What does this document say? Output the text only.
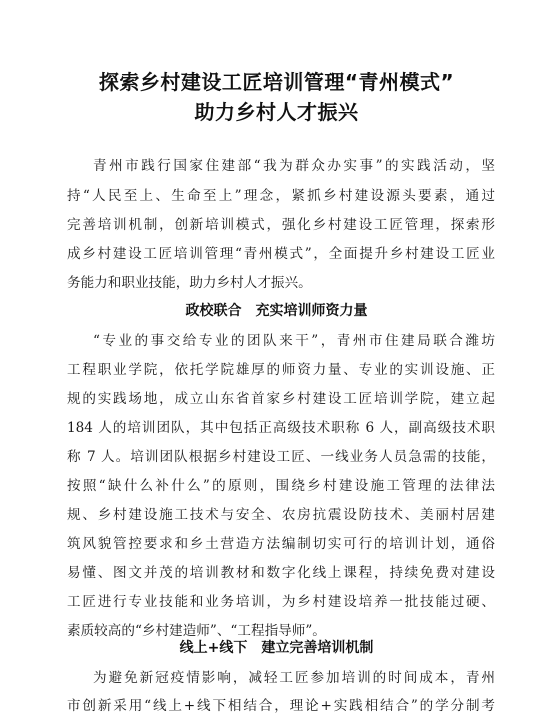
探索乡村建设工匠培训管理“青州模式”
助力乡村人才振兴
青州市践行国家住建部“我为群众办实事”的实践活动，坚
持“人民至上、生命至上”理念，紧抓乡村建设源头要素，通过
完善培训机制，创新培训模式，强化乡村建设工匠管理，探索形
成乡村建设工匠培训管理“青州模式”，全面提升乡村建设工匠业
务能力和职业技能，助力乡村人才振兴。
政校联合　充实培训师资力量
“专业的事交给专业的团队来干”，青州市住建局联合潍坊
工程职业学院，依托学院雄厚的师资力量、专业的实训设施、正
规的实践场地，成立山东省首家乡村建设工匠培训学院，建立起
184 人的培训团队，其中包括正高级技术职称 6 人，副高级技术职
称 7 人。培训团队根据乡村建设工匠、一线业务人员急需的技能，
按照“缺什么补什么”的原则，围绕乡村建设施工管理的法律法
规、乡村建设施工技术与安全、农房抗震设防技术、美丽村居建
筑风貌管控要求和乡土营造方法编制切实可行的培训计划，通俗
易懂、图文并茂的培训教材和数字化线上课程，持续免费对建设
工匠进行专业技能和业务培训，为乡村建设培养一批技能过硬、
素质较高的“乡村建造师”、“工程指导师”。
线上+线下　建立完善培训机制
为避免新冠疫情影响，减轻工匠参加培训的时间成本，青州
市创新采用“线上+线下相结合，理论+实践相结合”的学分制考
